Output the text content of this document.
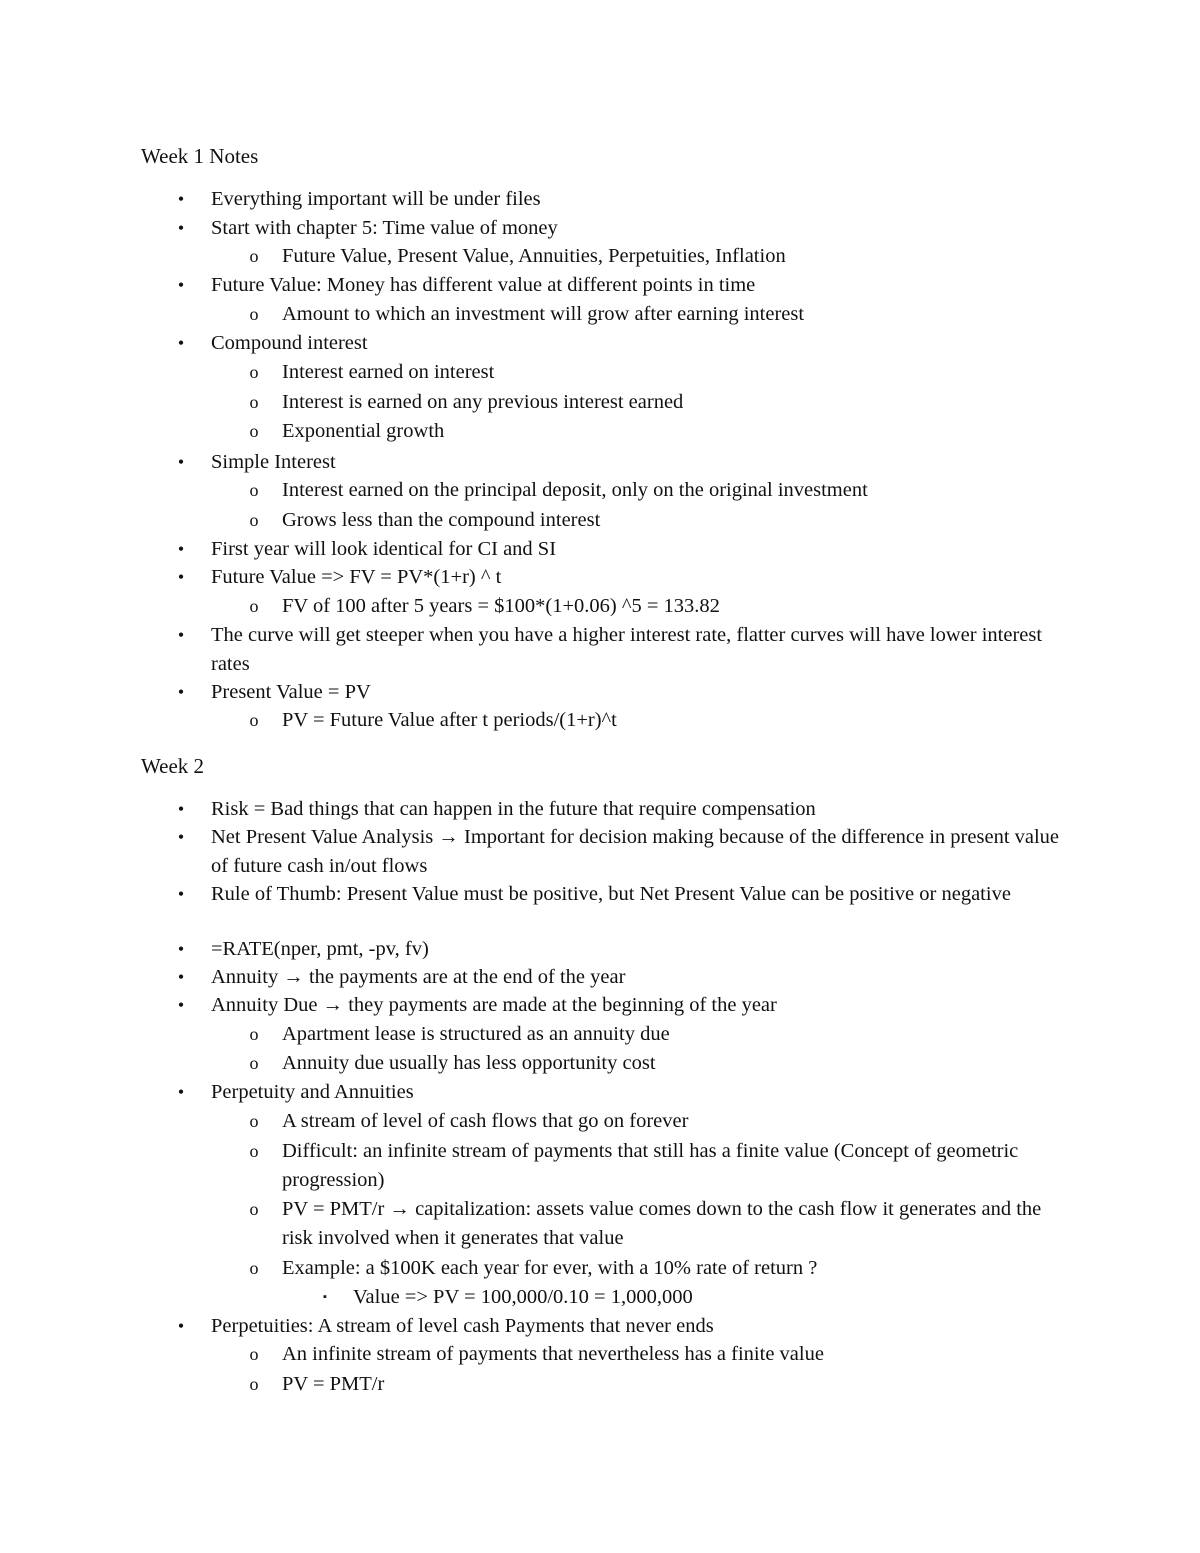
Week 1 Notes
•	Everything important will be under files
•	Start with chapter 5: Time value of money
o Future Value, Present Value, Annuities, Perpetuities, Inflation
•	Future Value: Money has different value at different points in time
o Amount to which an investment will grow after earning interest
•	Compound interest
o Interest earned on interest
o Interest is earned on any previous interest earned
o Exponential growth
•	Simple Interest
o Interest earned on the principal deposit, only on the original investment
o Grows less than the compound interest
•	First year will look identical for CI and SI
•	Future Value => FV = PV*(1+r) ^ t
o FV of 100 after 5 years = $100*(1+0.06) ^5 = 133.82
•	The curve will get steeper when you have a higher interest rate, flatter curves will have lower interest rates
•	Present Value = PV
o PV = Future Value after t periods/(1+r)^t
Week 2
•	Risk = Bad things that can happen in the future that require compensation
•	Net Present Value Analysis → Important for decision making because of the difference in present value of future cash in/out flows
•	Rule of Thumb: Present Value must be positive, but Net Present Value can be positive or negative
•	=RATE(nper, pmt, -pv, fv)
•	Annuity → the payments are at the end of the year
•	Annuity Due → they payments are made at the beginning of the year
o Apartment lease is structured as an annuity due
o Annuity due usually has less opportunity cost
•	Perpetuity and Annuities
o A stream of level of cash flows that go on forever
o Difficult: an infinite stream of payments that still has a finite value (Concept of geometric progression)
o PV = PMT/r → capitalization: assets value comes down to the cash flow it generates and the risk involved when it generates that value
o Example: a $100K each year for ever, with a 10% rate of return ?
▪	Value => PV = 100,000/0.10 = 1,000,000
•	Perpetuities: A stream of level cash Payments that never ends
o An infinite stream of payments that nevertheless has a finite value
o PV = PMT/r
